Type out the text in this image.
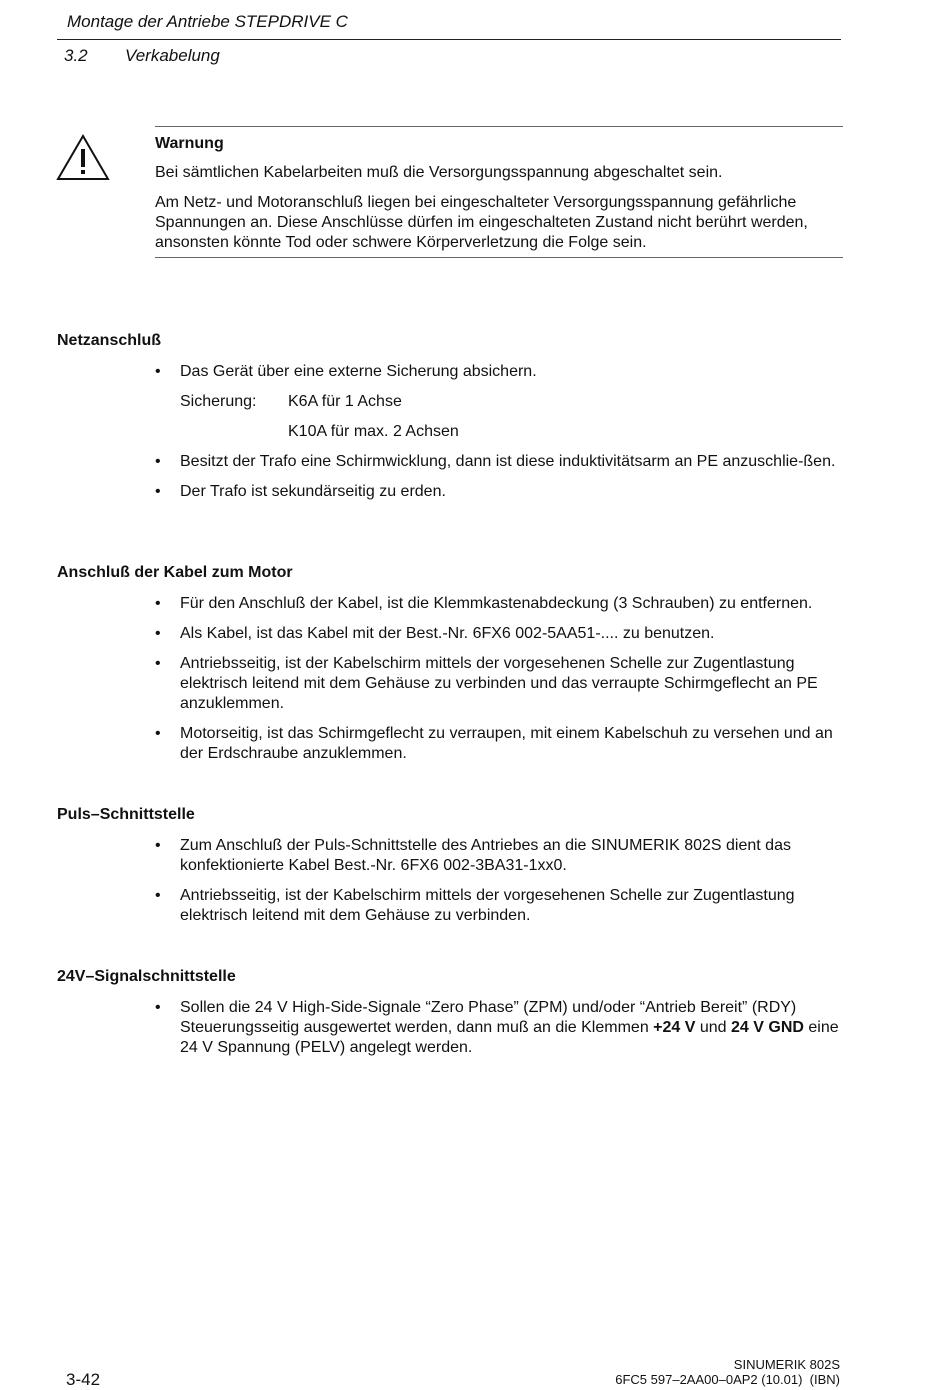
Montage der Antriebe STEPDRIVE C
3.2 Verkabelung
Warnung

Bei sämtlichen Kabelarbeiten muß die Versorgungsspannung abgeschaltet sein.

Am Netz- und Motoranschluß liegen bei eingeschalteter Versorgungsspannung gefährliche Spannungen an. Diese Anschlüsse dürfen im eingeschalteten Zustand nicht berührt werden, ansonsten könnte Tod oder schwere Körperverletzung die Folge sein.

Netzanschluß
•	Das Gerät über eine externe Sicherung absichern.
Sicherung:	K6A für 1 Achse
K10A für max. 2 Achsen
•	Besitzt der Trafo eine Schirmwicklung, dann ist diese induktivitätsarm an PE anzuschlie-ßen.
•	Der Trafo ist sekundärseitig zu erden.
Anschluß der Kabel zum Motor
•	Für den Anschluß der Kabel, ist die Klemmkastenabdeckung (3 Schrauben) zu entfernen.
•	Als Kabel, ist das Kabel mit der Best.-Nr. 6FX6 002-5AA51-.... zu benutzen.
•	Antriebsseitig, ist der Kabelschirm mittels der vorgesehenen Schelle zur Zugentlastung elektrisch leitend mit dem Gehäuse zu verbinden und das verraupte Schirmgeflecht an PE anzuklemmen.
•	Motorseitig, ist das Schirmgeflecht zu verraupen, mit einem Kabelschuh zu versehen und an der Erdschraube anzuklemmen.
Puls–Schnittstelle
•	Zum Anschluß der Puls-Schnittstelle des Antriebes an die SINUMERIK 802S dient das konfektionierte Kabel Best.-Nr. 6FX6 002-3BA31-1xx0.
•	Antriebsseitig, ist der Kabelschirm mittels der vorgesehenen Schelle zur Zugentlastung elektrisch leitend mit dem Gehäuse zu verbinden.
24V–Signalschnittstelle
•	Sollen die 24 V High-Side-Signale “Zero Phase” (ZPM) und/oder “Antrieb Bereit” (RDY) Steuerungsseitig ausgewertet werden, dann muß an die Klemmen +24 V und 24 V GND eine 24 V Spannung (PELV) angelegt werden.
3-42
SINUMERIK 802S
6FC5 597–2AA00–0AP2 (10.01)  (IBN)
